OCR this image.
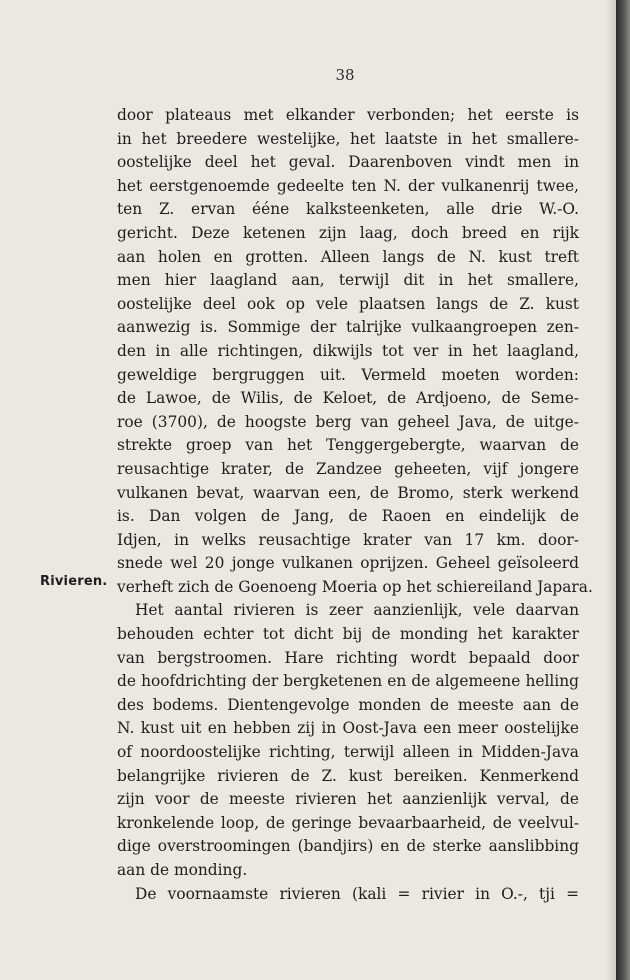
38
Rivieren.
door plateaus met elkander verbonden; het eerste is
in het breedere westelijke, het laatste in het smallere-
oostelijke deel het geval. Daarenboven vindt men in
het eerstgenoemde gedeelte ten N. der vulkanenrij twee,
ten Z. ervan ééne kalksteenketen, alle drie W.-O.
gericht. Deze ketenen zijn laag, doch breed en rijk
aan holen en grotten. Alleen langs de N. kust treft
men hier laagland aan, terwijl dit in het smallere,
oostelijke deel ook op vele plaatsen langs de Z. kust
aanwezig is. Sommige der talrijke vulkaangroepen zen-
den in alle richtingen, dikwijls tot ver in het laagland,
geweldige bergruggen uit. Vermeld moeten worden:
de Lawoe, de Wilis, de Keloet, de Ardjoeno, de Seme-
roe (3700), de hoogste berg van geheel Java, de uitge-
strekte groep van het Tenggergebergte, waarvan de
reusachtige krater, de Zandzee geheeten, vijf jongere
vulkanen bevat, waarvan een, de Bromo, sterk werkend
is. Dan volgen de Jang, de Raoen en eindelijk de
Idjen, in welks reusachtige krater van 17 km. door-
snede wel 20 jonge vulkanen oprijzen. Geheel geïsoleerd
verheft zich de Goenoeng Moeria op het schiereiland Japara.
Het aantal rivieren is zeer aanzienlijk, vele daarvan
behouden echter tot dicht bij de monding het karakter
van bergstroomen. Hare richting wordt bepaald door
de hoofdrichting der bergketenen en de algemeene helling
des bodems. Dientengevolge monden de meeste aan de
N. kust uit en hebben zij in Oost-Java een meer oostelijke
of noordoostelijke richting, terwijl alleen in Midden-Java
belangrijke rivieren de Z. kust bereiken. Kenmerkend
zijn voor de meeste rivieren het aanzienlijk verval, de
kronkelende loop, de geringe bevaarbaarheid, de veelvul-
dige overstroomingen (bandjirs) en de sterke aanslibbing
aan de monding.
De voornaamste rivieren (kali = rivier in O.-, tji =
